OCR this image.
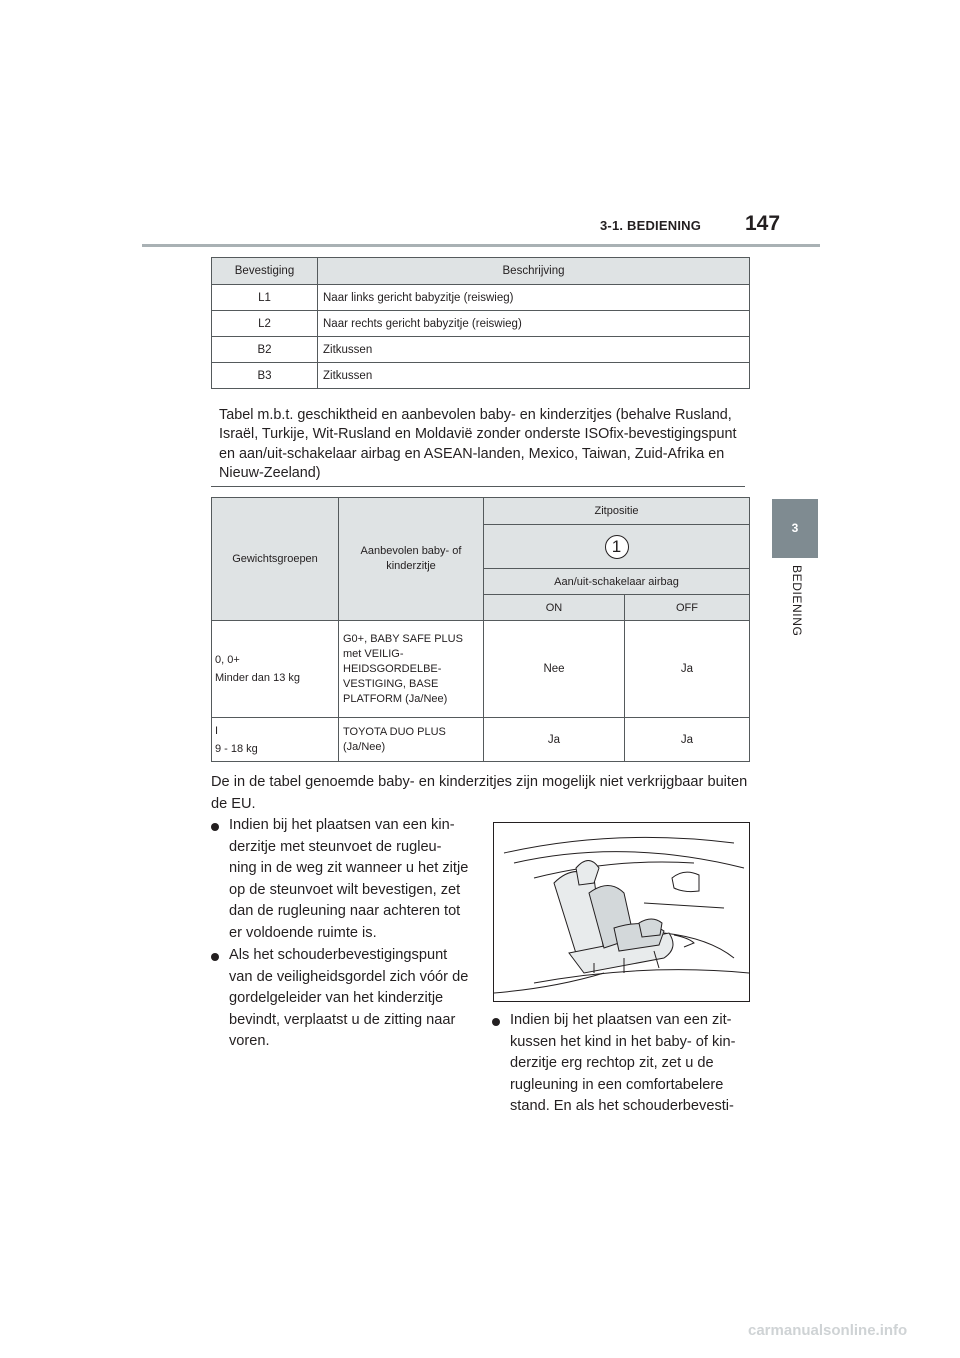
3-1. BEDIENING 147
3
BEDIENING
Bevestiging	Beschrijving
L1	Naar links gericht babyzitje (reiswieg)
L2	Naar rechts gericht babyzitje (reiswieg)
B2	Zitkussen
B3	Zitkussen
Tabel m.b.t. geschiktheid en aanbevolen baby- en kinderzitjes (behalve Rusland, Israël, Turkije, Wit-Rusland en Moldavië zonder onderste ISOfix-bevestigingspunt en aan/uit-schakelaar airbag en ASEAN-landen, Mexico, Taiwan, Zuid-Afrika en Nieuw-Zeeland)
Gewichtsgroepen	Aanbevolen baby- of kinderzitje	Zitpositie	
		1	
		Aan/uit-schakelaar airbag	
		ON	OFF

0, 0+
Minder dan 13 kg	G0+, BABY SAFE PLUS met VEILIG-HEIDSGORDELBE-VESTIGING, BASE PLATFORM (Ja/Nee)	Nee	Ja

I
9 - 18 kg	TOYOTA DUO PLUS (Ja/Nee)	Ja	Ja
De in de tabel genoemde baby- en kinderzitjes zijn mogelijk niet verkrijgbaar buiten de EU.
Indien bij het plaatsen van een kin-derzitje met steunvoet de rugleu-ning in de weg zit wanneer u het zitje op de steunvoet wilt bevestigen, zet dan de rugleuning naar achteren tot er voldoende ruimte is.
Als het schouderbevestigingspunt van de veiligheidsgordel zich vóór de gordelgeleider van het kinderzitje bevindt, verplaatst u de zitting naar voren.
Indien bij het plaatsen van een zit-kussen het kind in het baby- of kin-derzitje erg rechtop zit, zet u de rugleuning in een comfortabelere stand. En als het schouderbevesti-
carmanualsonline.info
